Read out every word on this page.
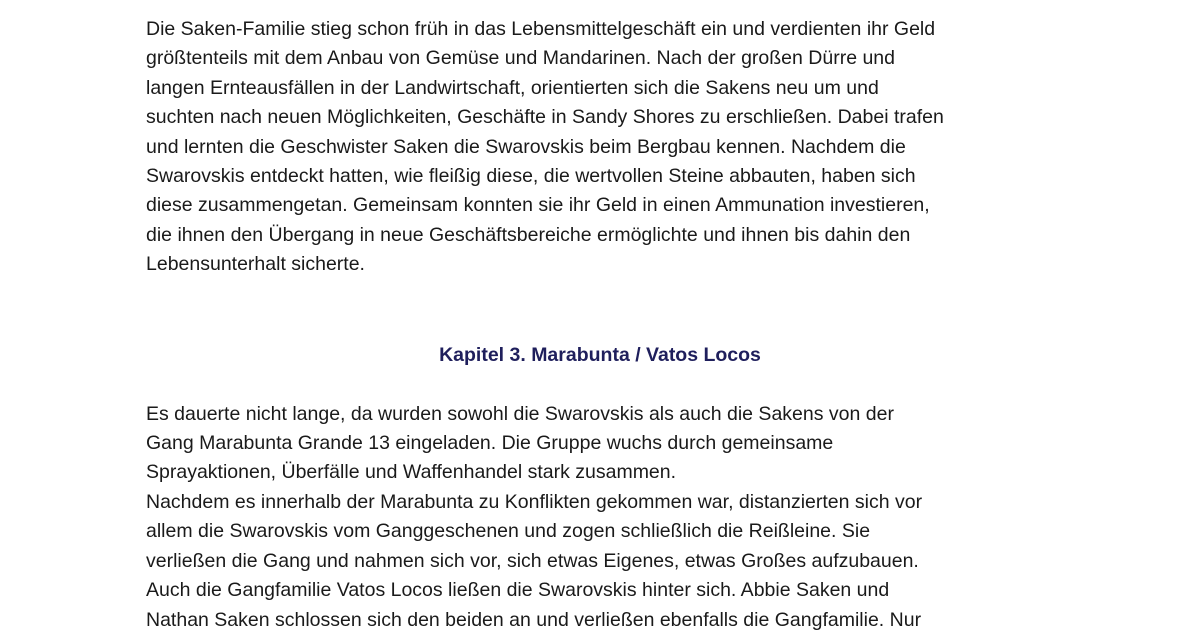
Die Saken-Familie stieg schon früh in das Lebensmittelgeschäft ein und verdienten ihr Geld
größtenteils mit dem Anbau von Gemüse und Mandarinen. Nach der großen Dürre und
langen Ernteausfällen in der Landwirtschaft, orientierten sich die Sakens neu um und
suchten nach neuen Möglichkeiten, Geschäfte in Sandy Shores zu erschließen. Dabei trafen
und lernten die Geschwister Saken die Swarovskis beim Bergbau kennen. Nachdem die
Swarovskis entdeckt hatten, wie fleißig diese, die wertvollen Steine abbauten, haben sich
diese zusammengetan. Gemeinsam konnten sie ihr Geld in einen Ammunation investieren,
die ihnen den Übergang in neue Geschäftsbereiche ermöglichte und ihnen bis dahin den
Lebensunterhalt sicherte.

Kapitel 3. Marabunta / Vatos Locos

Es dauerte nicht lange, da wurden sowohl die Swarovskis als auch die Sakens von der
Gang Marabunta Grande 13 eingeladen. Die Gruppe wuchs durch gemeinsame
Sprayaktionen, Überfälle und Waffenhandel stark zusammen.
Nachdem es innerhalb der Marabunta zu Konflikten gekommen war, distanzierten sich vor
allem die Swarovskis vom Ganggeschenen und zogen schließlich die Reißleine. Sie
verließen die Gang und nahmen sich vor, sich etwas Eigenes, etwas Großes aufzubauen.
Auch die Gangfamilie Vatos Locos ließen die Swarovskis hinter sich. Abbie Saken und
Nathan Saken schlossen sich den beiden an und verließen ebenfalls die Gangfamilie. Nur
